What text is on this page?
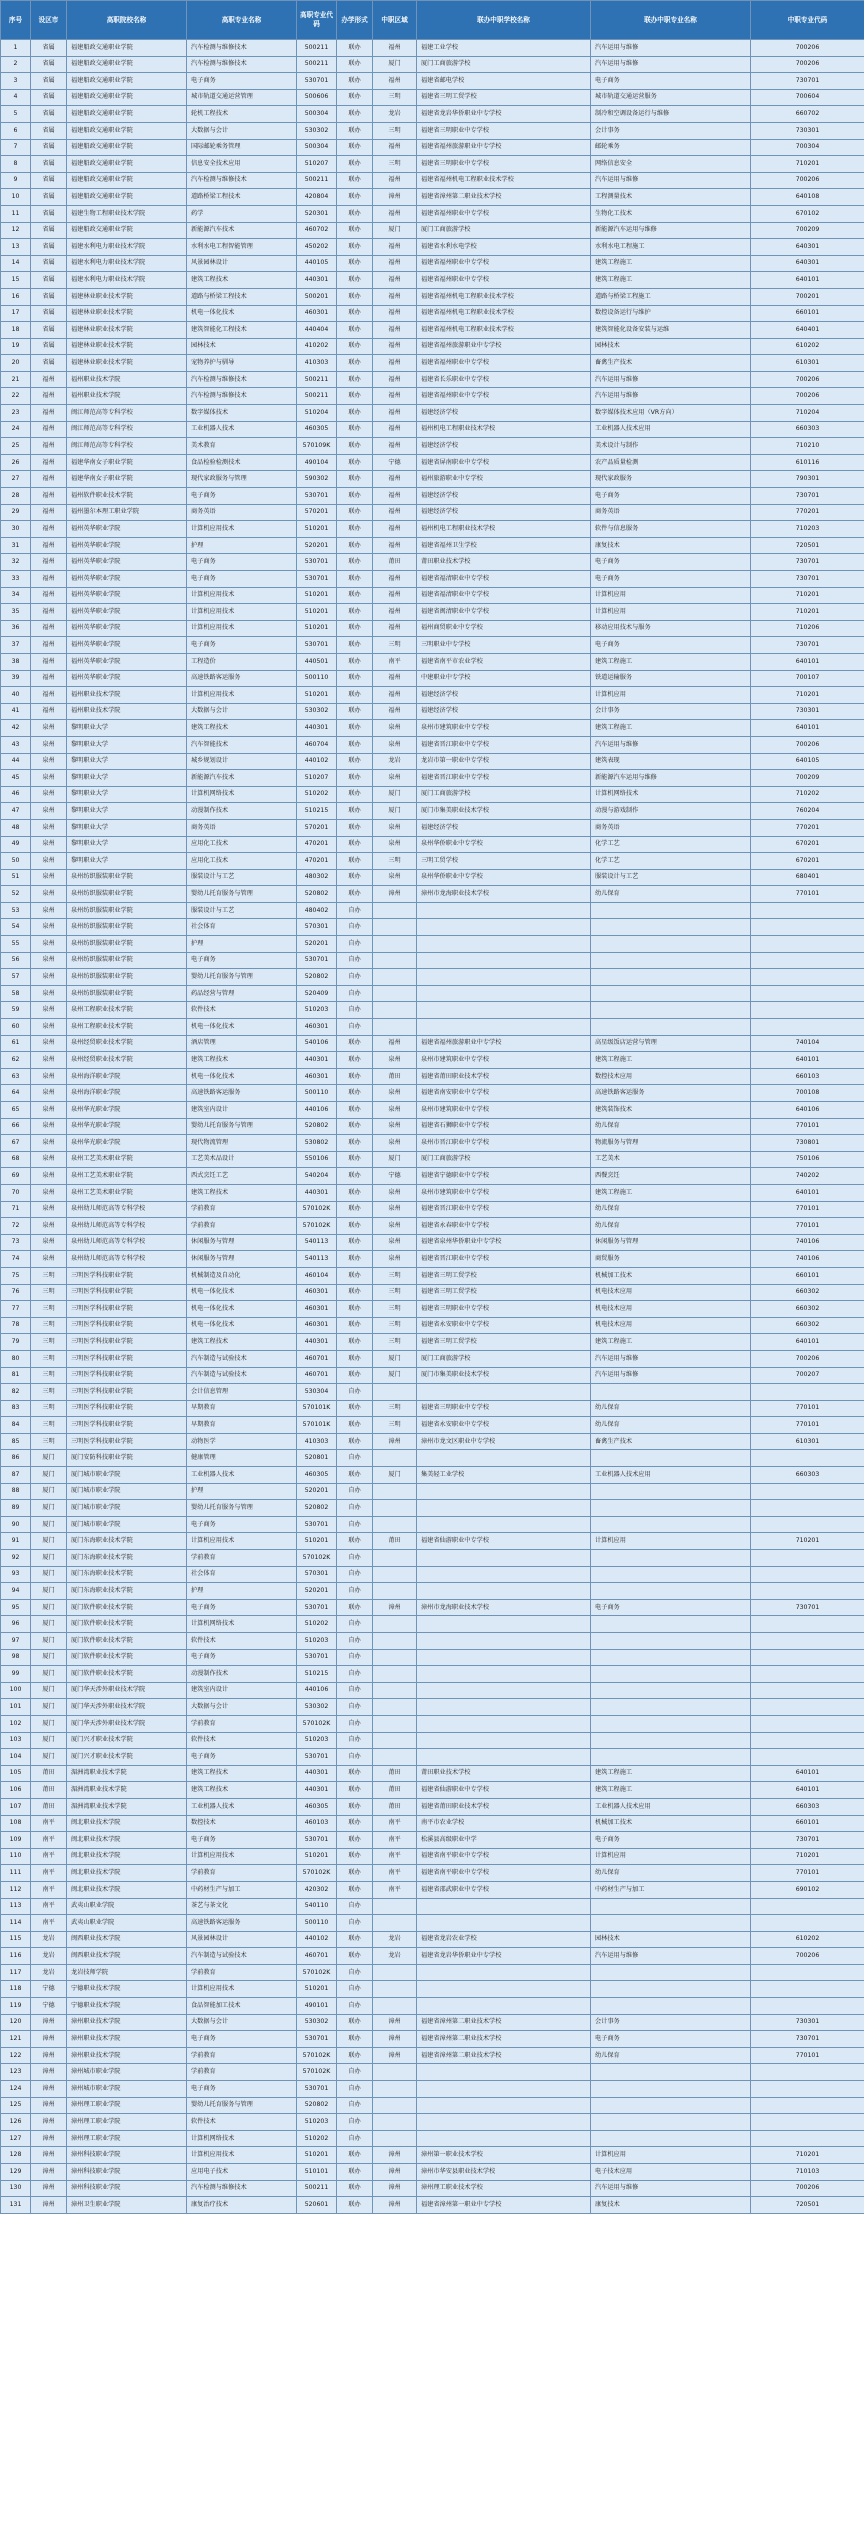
序号	设区市	高职院校名称	高职专业名称	高职专业代码	办学形式	中职区域	联办中职学校名称	联办中职专业名称	中职专业代码
1	省属	福建船政交通职业学院	汽车检测与维修技术	500211	联办	福州	福建工业学校	汽车运用与维修	700206
2	省属	福建船政交通职业学院	汽车检测与维修技术	500211	联办	厦门	厦门工商旅游学校	汽车运用与维修	700206
3	省属	福建船政交通职业学院	电子商务	530701	联办	福州	福建省邮电学校	电子商务	730701
4	省属	福建船政交通职业学院	城市轨道交通运营管理	500606	联办	三明	福建省三明工贸学校	城市轨道交通运营服务	700604
5	省属	福建船政交通职业学院	轮机工程技术	500304	联办	龙岩	福建省龙岩华侨职业中专学校	制冷和空调设备运行与维修	660702
6	省属	福建船政交通职业学院	大数据与会计	530302	联办	三明	福建省三明职业中专学校	会计事务	730301
7	省属	福建船政交通职业学院	国际邮轮乘务管理	500304	联办	福州	福建省福州旅游职业中专学校	邮轮乘务	700304
8	省属	福建船政交通职业学院	信息安全技术应用	510207	联办	三明	福建省三明职业中专学校	网络信息安全	710201
9	省属	福建船政交通职业学院	汽车检测与维修技术	500211	联办	福州	福建省福州机电工程职业技术学校	汽车运用与维修	700206
10	省属	福建船政交通职业学院	道路桥梁工程技术	420804	联办	漳州	福建省漳州第二职业技术学校	工程测量技术	640108
11	省属	福建生物工程职业技术学院	药学	520301	联办	福州	福建省福州职业中专学校	生物化工技术	670102
12	省属	福建船政交通职业学院	新能源汽车技术	460702	联办	厦门	厦门工商旅游学校	新能源汽车运用与维修	700209
13	省属	福建水利电力职业技术学院	水利水电工程智能管理	450202	联办	福州	福建省水利水电学校	水利水电工程施工	640301
14	省属	福建水利电力职业技术学院	风景园林设计	440105	联办	福州	福建省福州职业中专学校	建筑工程施工	640301
15	省属	福建水利电力职业技术学院	建筑工程技术	440301	联办	福州	福建省福州职业中专学校	建筑工程施工	640101
16	省属	福建林业职业技术学院	道路与桥梁工程技术	500201	联办	福州	福建省福州机电工程职业技术学校	道路与桥梁工程施工	700201
17	省属	福建林业职业技术学院	机电一体化技术	460301	联办	福州	福建省福州机电工程职业技术学校	数控设备运行与维护	660101
18	省属	福建林业职业技术学院	建筑智能化工程技术	440404	联办	福州	福建省福州机电工程职业技术学校	建筑智能化设备安装与运维	640401
19	省属	福建林业职业技术学院	园林技术	410202	联办	福州	福建省福州旅游职业中专学校	园林技术	610202
20	省属	福建林业职业技术学院	宠物养护与驯导	410303	联办	福州	福建省福州职业中专学校	畜禽生产技术	610301
21	福州	福州职业技术学院	汽车检测与维修技术	500211	联办	福州	福建省长乐职业中专学校	汽车运用与维修	700206
22	福州	福州职业技术学院	汽车检测与维修技术	500211	联办	福州	福建省福州职业中专学校	汽车运用与维修	700206
23	福州	闽江师范高等专科学校	数字媒体技术	510204	联办	福州	福建经济学校	数字媒体技术应用（VR方向）	710204
24	福州	闽江师范高等专科学校	工业机器人技术	460305	联办	福州	福州机电工程职业技术学校	工业机器人技术应用	660303
25	福州	闽江师范高等专科学校	美术教育	570109K	联办	福州	福建经济学校	美术设计与制作	710210
26	福州	福建华南女子职业学院	食品检验检测技术	490104	联办	宁德	福建省屏南职业中专学校	农产品质量检测	610116
27	福州	福建华南女子职业学院	现代家政服务与管理	590302	联办	福州	福州旅游职业中专学校	现代家政服务	790301
28	福州	福州软件职业技术学院	电子商务	530701	联办	福州	福建经济学校	电子商务	730701
29	福州	福州墨尔本理工职业学院	商务英语	570201	联办	福州	福建经济学校	商务英语	770201
30	福州	福州英华职业学院	计算机应用技术	510201	联办	福州	福州机电工程职业技术学校	软件与信息服务	710203
31	福州	福州英华职业学院	护理	520201	联办	福州	福建省福州卫生学校	康复技术	720501
32	福州	福州英华职业学院	电子商务	530701	联办	莆田	莆田职业技术学校	电子商务	730701
33	福州	福州英华职业学院	电子商务	530701	联办	福州	福建省福清职业中专学校	电子商务	730701
34	福州	福州英华职业学院	计算机应用技术	510201	联办	福州	福建省福清职业中专学校	计算机应用	710201
35	福州	福州英华职业学院	计算机应用技术	510201	联办	福州	福建省闽清职业中专学校	计算机应用	710201
36	福州	福州英华职业学院	计算机应用技术	510201	联办	福州	福州商贸职业中专学校	移动应用技术与服务	710206
37	福州	福州英华职业学院	电子商务	530701	联办	三明	三明职业中专学校	电子商务	730701
38	福州	福州英华职业学院	工程造价	440501	联办	南平	福建省南平市农业学校	建筑工程施工	640101
39	福州	福州英华职业学院	高速铁路客运服务	500110	联办	福州	中建职业中专学校	铁道运输服务	700107
40	福州	福州职业技术学院	计算机应用技术	510201	联办	福州	福建经济学校	计算机应用	710201
41	福州	福州职业技术学院	大数据与会计	530302	联办	福州	福建经济学校	会计事务	730301
42	泉州	黎明职业大学	建筑工程技术	440301	联办	泉州	泉州市建筑职业中专学校	建筑工程施工	640101
43	泉州	黎明职业大学	汽车智能技术	460704	联办	泉州	福建省晋江职业中专学校	汽车运用与维修	700206
44	泉州	黎明职业大学	城乡规划设计	440102	联办	龙岩	龙岩市第一职业中专学校	建筑表现	640105
45	泉州	黎明职业大学	新能源汽车技术	510207	联办	泉州	福建省晋江职业中专学校	新能源汽车运用与维修	700209
46	泉州	黎明职业大学	计算机网络技术	510202	联办	厦门	厦门工商旅游学校	计算机网络技术	710202
47	泉州	黎明职业大学	动漫制作技术	510215	联办	厦门	厦门市集美职业技术学校	动漫与游戏制作	760204
48	泉州	黎明职业大学	商务英语	570201	联办	泉州	福建经济学校	商务英语	770201
49	泉州	黎明职业大学	应用化工技术	470201	联办	泉州	泉州华侨职业中专学校	化学工艺	670201
50	泉州	黎明职业大学	应用化工技术	470201	联办	三明	三明工贸学校	化学工艺	670201
51	泉州	泉州纺织服装职业学院	服装设计与工艺	480302	联办	泉州	泉州华侨职业中专学校	服装设计与工艺	680401
52	泉州	泉州纺织服装职业学院	婴幼儿托育服务与管理	520802	联办	漳州	漳州市龙海职业技术学校	幼儿保育	770101
53	泉州	泉州纺织服装职业学院	服装设计与工艺	480402	自办				
54	泉州	泉州纺织服装职业学院	社会体育	570301	自办				
55	泉州	泉州纺织服装职业学院	护理	520201	自办				
56	泉州	泉州纺织服装职业学院	电子商务	530701	自办				
57	泉州	泉州纺织服装职业学院	婴幼儿托育服务与管理	520802	自办				
58	泉州	泉州纺织服装职业学院	药品经营与管理	520409	自办				
59	泉州	泉州工程职业技术学院	软件技术	510203	自办				
60	泉州	泉州工程职业技术学院	机电一体化技术	460301	自办				
61	泉州	泉州经贸职业技术学院	酒店管理	540106	联办	福州	福建省福州旅游职业中专学校	高星级饭店运营与管理	740104
62	泉州	泉州经贸职业技术学院	建筑工程技术	440301	联办	泉州	泉州市建筑职业中专学校	建筑工程施工	640101
63	泉州	泉州海洋职业学院	机电一体化技术	460301	联办	莆田	福建省莆田职业技术学校	数控技术应用	660103
64	泉州	泉州海洋职业学院	高速铁路客运服务	500110	联办	泉州	福建省南安职业中专学校	高速铁路客运服务	700108
65	泉州	泉州华光职业学院	建筑室内设计	440106	联办	泉州	泉州市建筑职业中专学校	建筑装饰技术	640106
66	泉州	泉州华光职业学院	婴幼儿托育服务与管理	520802	联办	泉州	福建省石狮职业中专学校	幼儿保育	770101
67	泉州	泉州华光职业学院	现代物流管理	530802	联办	泉州	泉州市晋江职业中专学校	物流服务与管理	730801
68	泉州	泉州工艺美术职业学院	工艺美术品设计	550106	联办	厦门	厦门工商旅游学校	工艺美术	750106
69	泉州	泉州工艺美术职业学院	西式烹饪工艺	540204	联办	宁德	福建省宁德职业中专学校	西餐烹饪	740202
70	泉州	泉州工艺美术职业学院	建筑工程技术	440301	联办	泉州	泉州市建筑职业中专学校	建筑工程施工	640101
71	泉州	泉州幼儿师范高等专科学校	学前教育	570102K	联办	泉州	福建省晋江职业中专学校	幼儿保育	770101
72	泉州	泉州幼儿师范高等专科学校	学前教育	570102K	联办	泉州	福建省永春职业中专学校	幼儿保育	770101
73	泉州	泉州幼儿师范高等专科学校	休闲服务与管理	540113	联办	泉州	福建省泉州华侨职业中专学校	休闲服务与管理	740106
74	泉州	泉州幼儿师范高等专科学校	休闲服务与管理	540113	联办	泉州	福建省晋江职业中专学校	商贸服务	740106
75	三明	三明医学科技职业学院	机械制造及自动化	460104	联办	三明	福建省三明工贸学校	机械加工技术	660101
76	三明	三明医学科技职业学院	机电一体化技术	460301	联办	三明	福建省三明工贸学校	机电技术应用	660302
77	三明	三明医学科技职业学院	机电一体化技术	460301	联办	三明	福建省三明职业中专学校	机电技术应用	660302
78	三明	三明医学科技职业学院	机电一体化技术	460301	联办	三明	福建省永安职业中专学校	机电技术应用	660302
79	三明	三明医学科技职业学院	建筑工程技术	440301	联办	三明	福建省三明工贸学校	建筑工程施工	640101
80	三明	三明医学科技职业学院	汽车制造与试验技术	460701	联办	厦门	厦门工商旅游学校	汽车运用与维修	700206
81	三明	三明医学科技职业学院	汽车制造与试验技术	460701	联办	厦门	厦门市集美职业技术学校	汽车运用与维修	700207
82	三明	三明医学科技职业学院	会计信息管理	530304	自办				
83	三明	三明医学科技职业学院	早期教育	570101K	联办	三明	福建省三明职业中专学校	幼儿保育	770101
84	三明	三明医学科技职业学院	早期教育	570101K	联办	三明	福建省永安职业中专学校	幼儿保育	770101
85	三明	三明医学科技职业学院	动物医学	410303	联办	漳州	漳州市龙文区职业中专学校	畜禽生产技术	610301
86	厦门	厦门安防科技职业学院	健康管理	520801	自办				
87	厦门	厦门城市职业学院	工业机器人技术	460305	联办	厦门	集美轻工业学校	工业机器人技术应用	660303
88	厦门	厦门城市职业学院	护理	520201	自办				
89	厦门	厦门城市职业学院	婴幼儿托育服务与管理	520802	自办				
90	厦门	厦门城市职业学院	电子商务	530701	自办				
91	厦门	厦门东海职业技术学院	计算机应用技术	510201	联办	莆田	福建省仙游职业中专学校	计算机应用	710201
92	厦门	厦门东海职业技术学院	学前教育	570102K	自办				
93	厦门	厦门东海职业技术学院	社会体育	570301	自办				
94	厦门	厦门东海职业技术学院	护理	520201	自办				
95	厦门	厦门软件职业技术学院	电子商务	530701	联办	漳州	漳州市龙海职业技术学校	电子商务	730701
96	厦门	厦门软件职业技术学院	计算机网络技术	510202	自办				
97	厦门	厦门软件职业技术学院	软件技术	510203	自办				
98	厦门	厦门软件职业技术学院	电子商务	530701	自办				
99	厦门	厦门软件职业技术学院	动漫制作技术	510215	自办				
100	厦门	厦门华天涉外职业技术学院	建筑室内设计	440106	自办				
101	厦门	厦门华天涉外职业技术学院	大数据与会计	530302	自办				
102	厦门	厦门华天涉外职业技术学院	学前教育	570102K	自办				
103	厦门	厦门兴才职业技术学院	软件技术	510203	自办				
104	厦门	厦门兴才职业技术学院	电子商务	530701	自办				
105	莆田	湄洲湾职业技术学院	建筑工程技术	440301	联办	莆田	莆田职业技术学校	建筑工程施工	640101
106	莆田	湄洲湾职业技术学院	建筑工程技术	440301	联办	莆田	福建省仙游职业中专学校	建筑工程施工	640101
107	莆田	湄洲湾职业技术学院	工业机器人技术	460305	联办	莆田	福建省莆田职业技术学校	工业机器人技术应用	660303
108	南平	闽北职业技术学院	数控技术	460103	联办	南平	南平市农业学校	机械加工技术	660101
109	南平	闽北职业技术学院	电子商务	530701	联办	南平	松溪县高级职业中学	电子商务	730701
110	南平	闽北职业技术学院	计算机应用技术	510201	联办	南平	福建省南平职业中专学校	计算机应用	710201
111	南平	闽北职业技术学院	学前教育	570102K	联办	南平	福建省南平职业中专学校	幼儿保育	770101
112	南平	闽北职业技术学院	中药材生产与加工	420302	联办	南平	福建省邵武职业中专学校	中药材生产与加工	690102
113	南平	武夷山职业学院	茶艺与茶文化	540110	自办				
114	南平	武夷山职业学院	高速铁路客运服务	500110	自办				
115	龙岩	闽西职业技术学院	风景园林设计	440102	联办	龙岩	福建省龙岩农业学校	园林技术	610202
116	龙岩	闽西职业技术学院	汽车制造与试验技术	460701	联办	龙岩	福建省龙岩华侨职业中专学校	汽车运用与维修	700206
117	龙岩	龙岩技师学院	学前教育	570102K	自办				
118	宁德	宁德职业技术学院	计算机应用技术	510201	自办				
119	宁德	宁德职业技术学院	食品智能加工技术	490101	自办				
120	漳州	漳州职业技术学院	大数据与会计	530302	联办	漳州	福建省漳州第二职业技术学校	会计事务	730301
121	漳州	漳州职业技术学院	电子商务	530701	联办	漳州	福建省漳州第二职业技术学校	电子商务	730701
122	漳州	漳州职业技术学院	学前教育	570102K	联办	漳州	福建省漳州第二职业技术学校	幼儿保育	770101
123	漳州	漳州城市职业学院	学前教育	570102K	自办				
124	漳州	漳州城市职业学院	电子商务	530701	自办				
125	漳州	漳州理工职业学院	婴幼儿托育服务与管理	520802	自办				
126	漳州	漳州理工职业学院	软件技术	510203	自办				
127	漳州	漳州理工职业学院	计算机网络技术	510202	自办				
128	漳州	漳州科技职业学院	计算机应用技术	510201	联办	漳州	漳州第一职业技术学校	计算机应用	710201
129	漳州	漳州科技职业学院	应用电子技术	510101	联办	漳州	漳州市华安县职业技术学校	电子技术应用	710103
130	漳州	漳州科技职业学院	汽车检测与维修技术	500211	联办	漳州	漳州理工职业技术学校	汽车运用与维修	700206
131	漳州	漳州卫生职业学院	康复治疗技术	520601	联办	漳州	福建省漳州第一职业中专学校	康复技术	720501
